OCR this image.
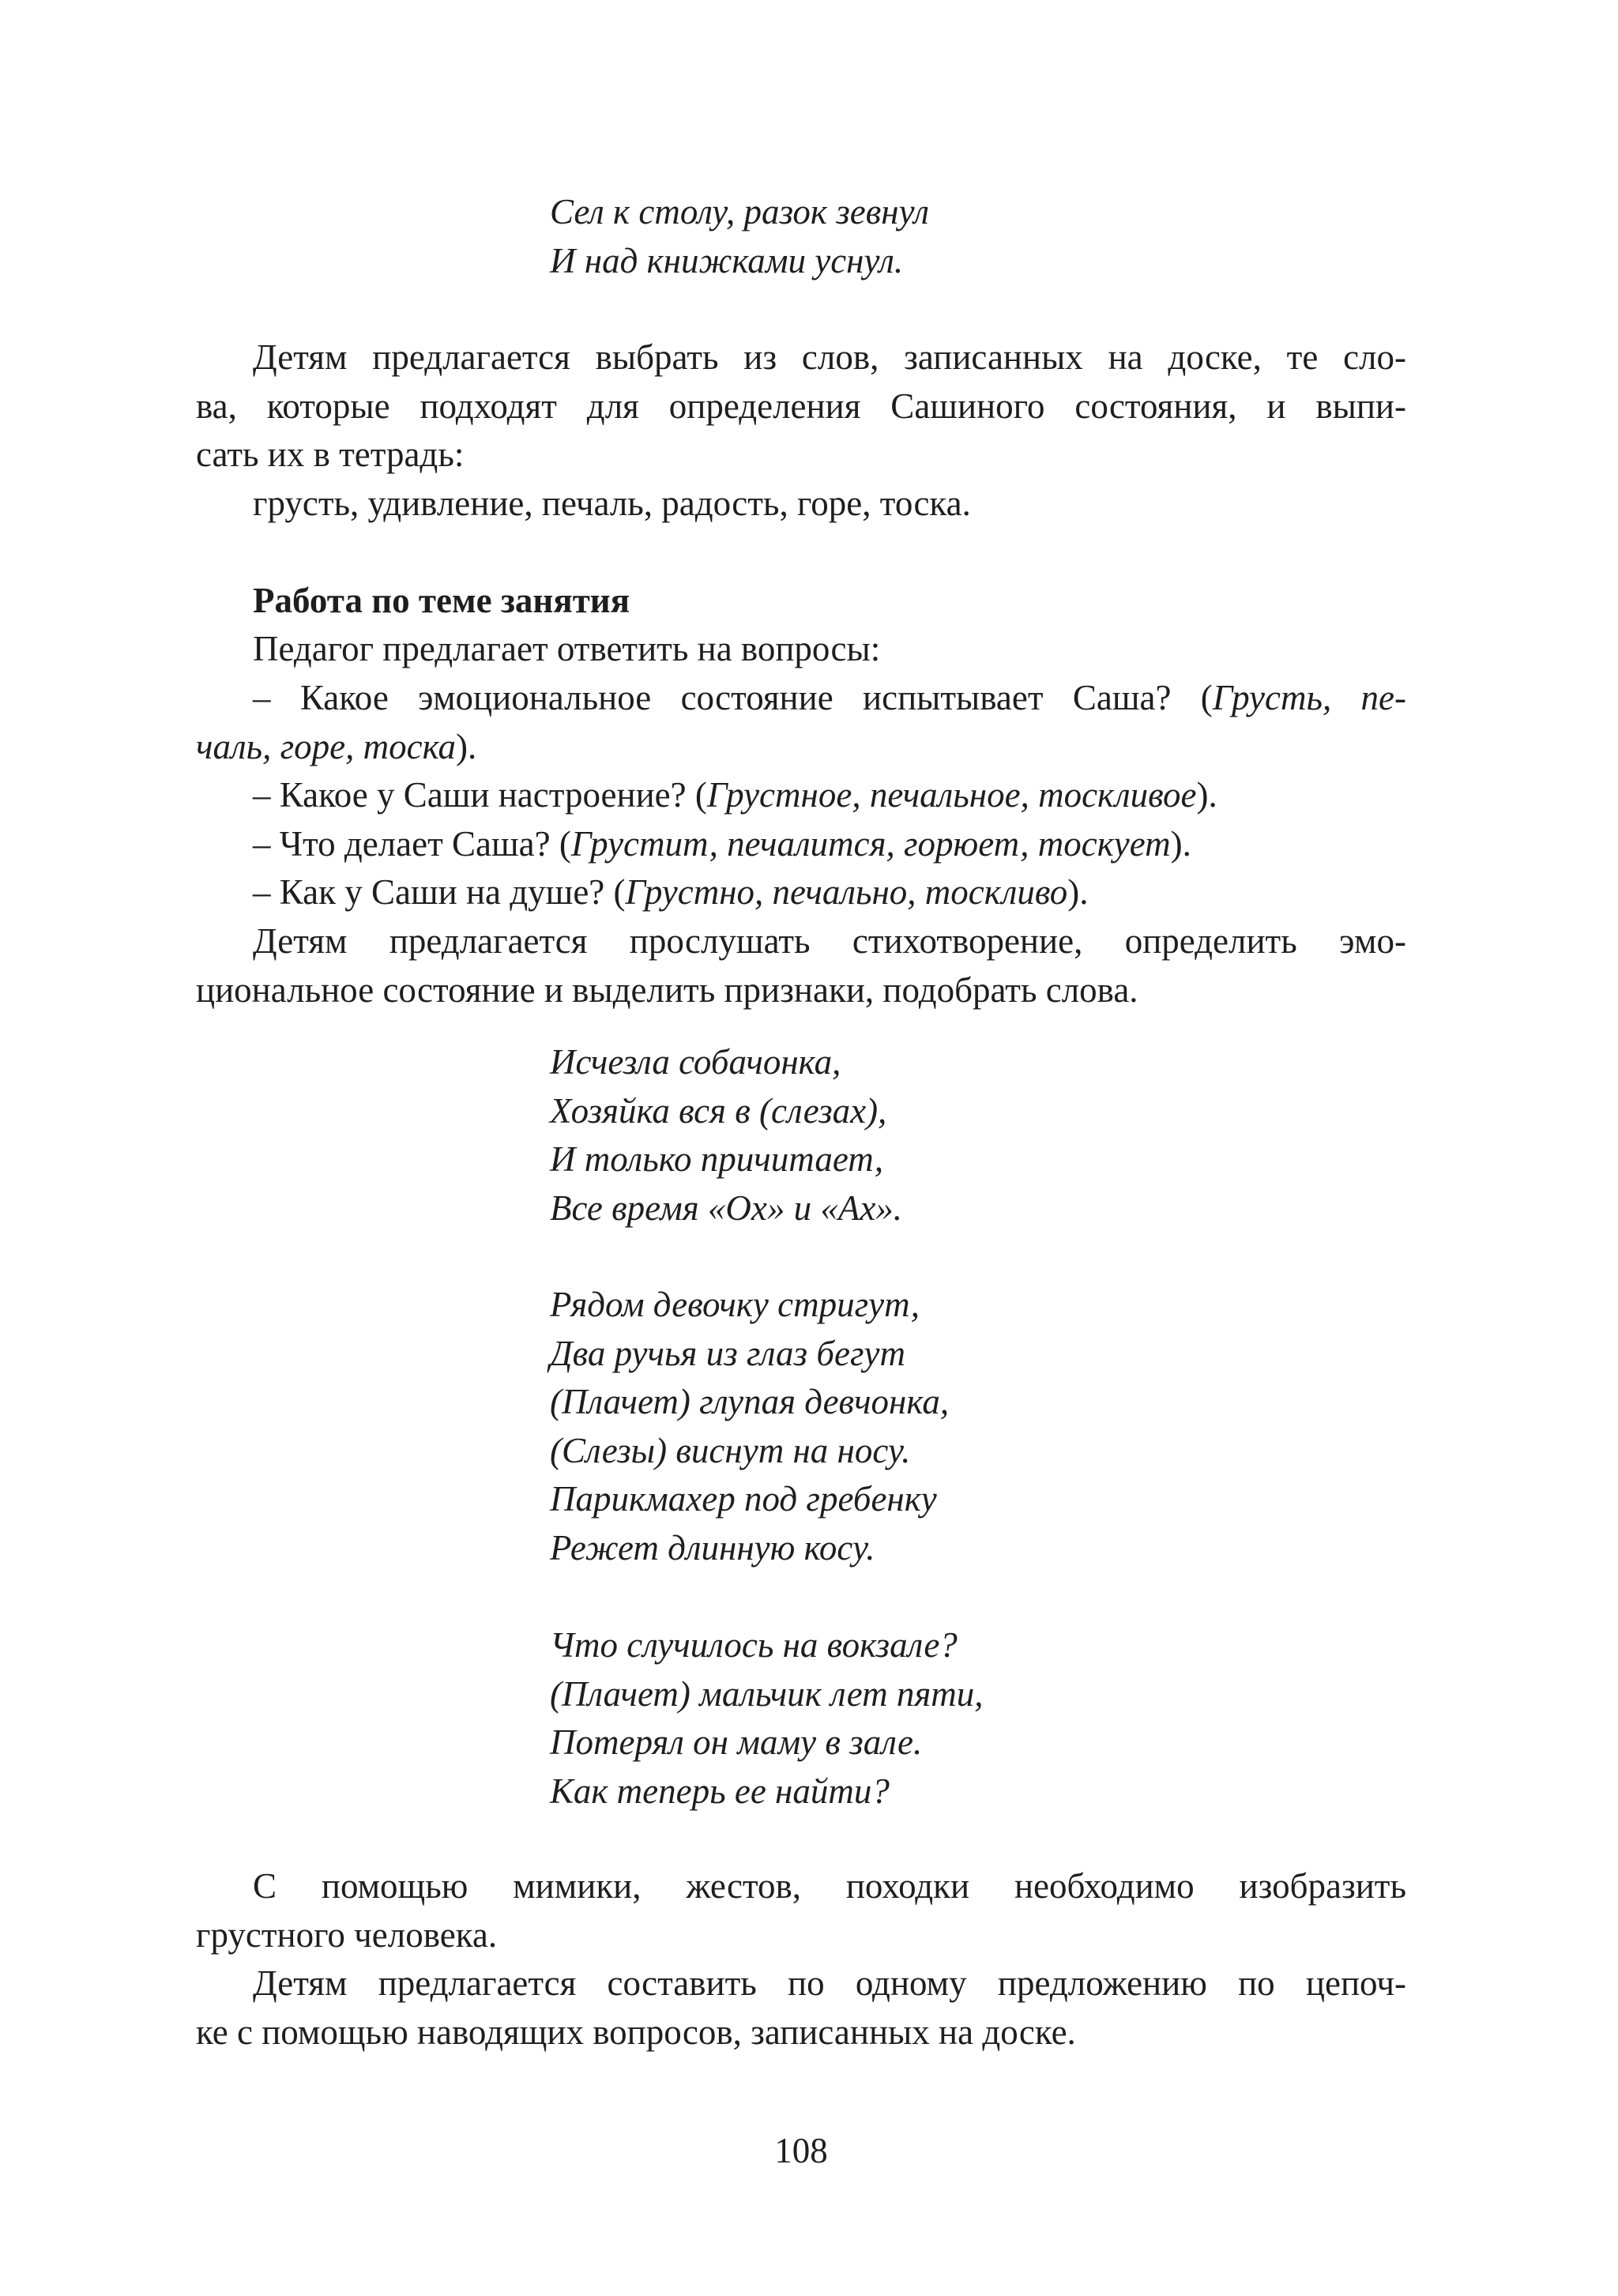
Сел к столу, разок зевнул
И над книжками уснул.
Детям предлагается выбрать из слов, записанных на доске, те сло-
ва, которые подходят для определения Сашиного состояния, и выпи-
сать их в тетрадь:
грусть, удивление, печаль, радость, горе, тоска.
Работа по теме занятия
Педагог предлагает ответить на вопросы:
– Какое эмоциональное состояние испытывает Саша? (Грусть, пе-
чаль, горе, тоска).
– Какое у Саши настроение? (Грустное, печальное, тоскливое).
– Что делает Саша? (Грустит, печалится, горюет, тоскует).
– Как у Саши на душе? (Грустно, печально, тоскливо).
Детям предлагается прослушать стихотворение, определить эмо-
циональное состояние и выделить признаки, подобрать слова.
Исчезла собачонка,
Хозяйка вся в (слезах),
И только причитает,
Все время «Ох» и «Ах».
Рядом девочку стригут,
Два ручья из глаз бегут
(Плачет) глупая девчонка,
(Слезы) виснут на носу.
Парикмахер под гребенку
Режет длинную косу.
Что случилось на вокзале?
(Плачет) мальчик лет пяти,
Потерял он маму в зале.
Как теперь ее найти?
С помощью мимики, жестов, походки необходимо изобразить
грустного человека.
Детям предлагается составить по одному предложению по цепоч-
ке с помощью наводящих вопросов, записанных на доске.
108
